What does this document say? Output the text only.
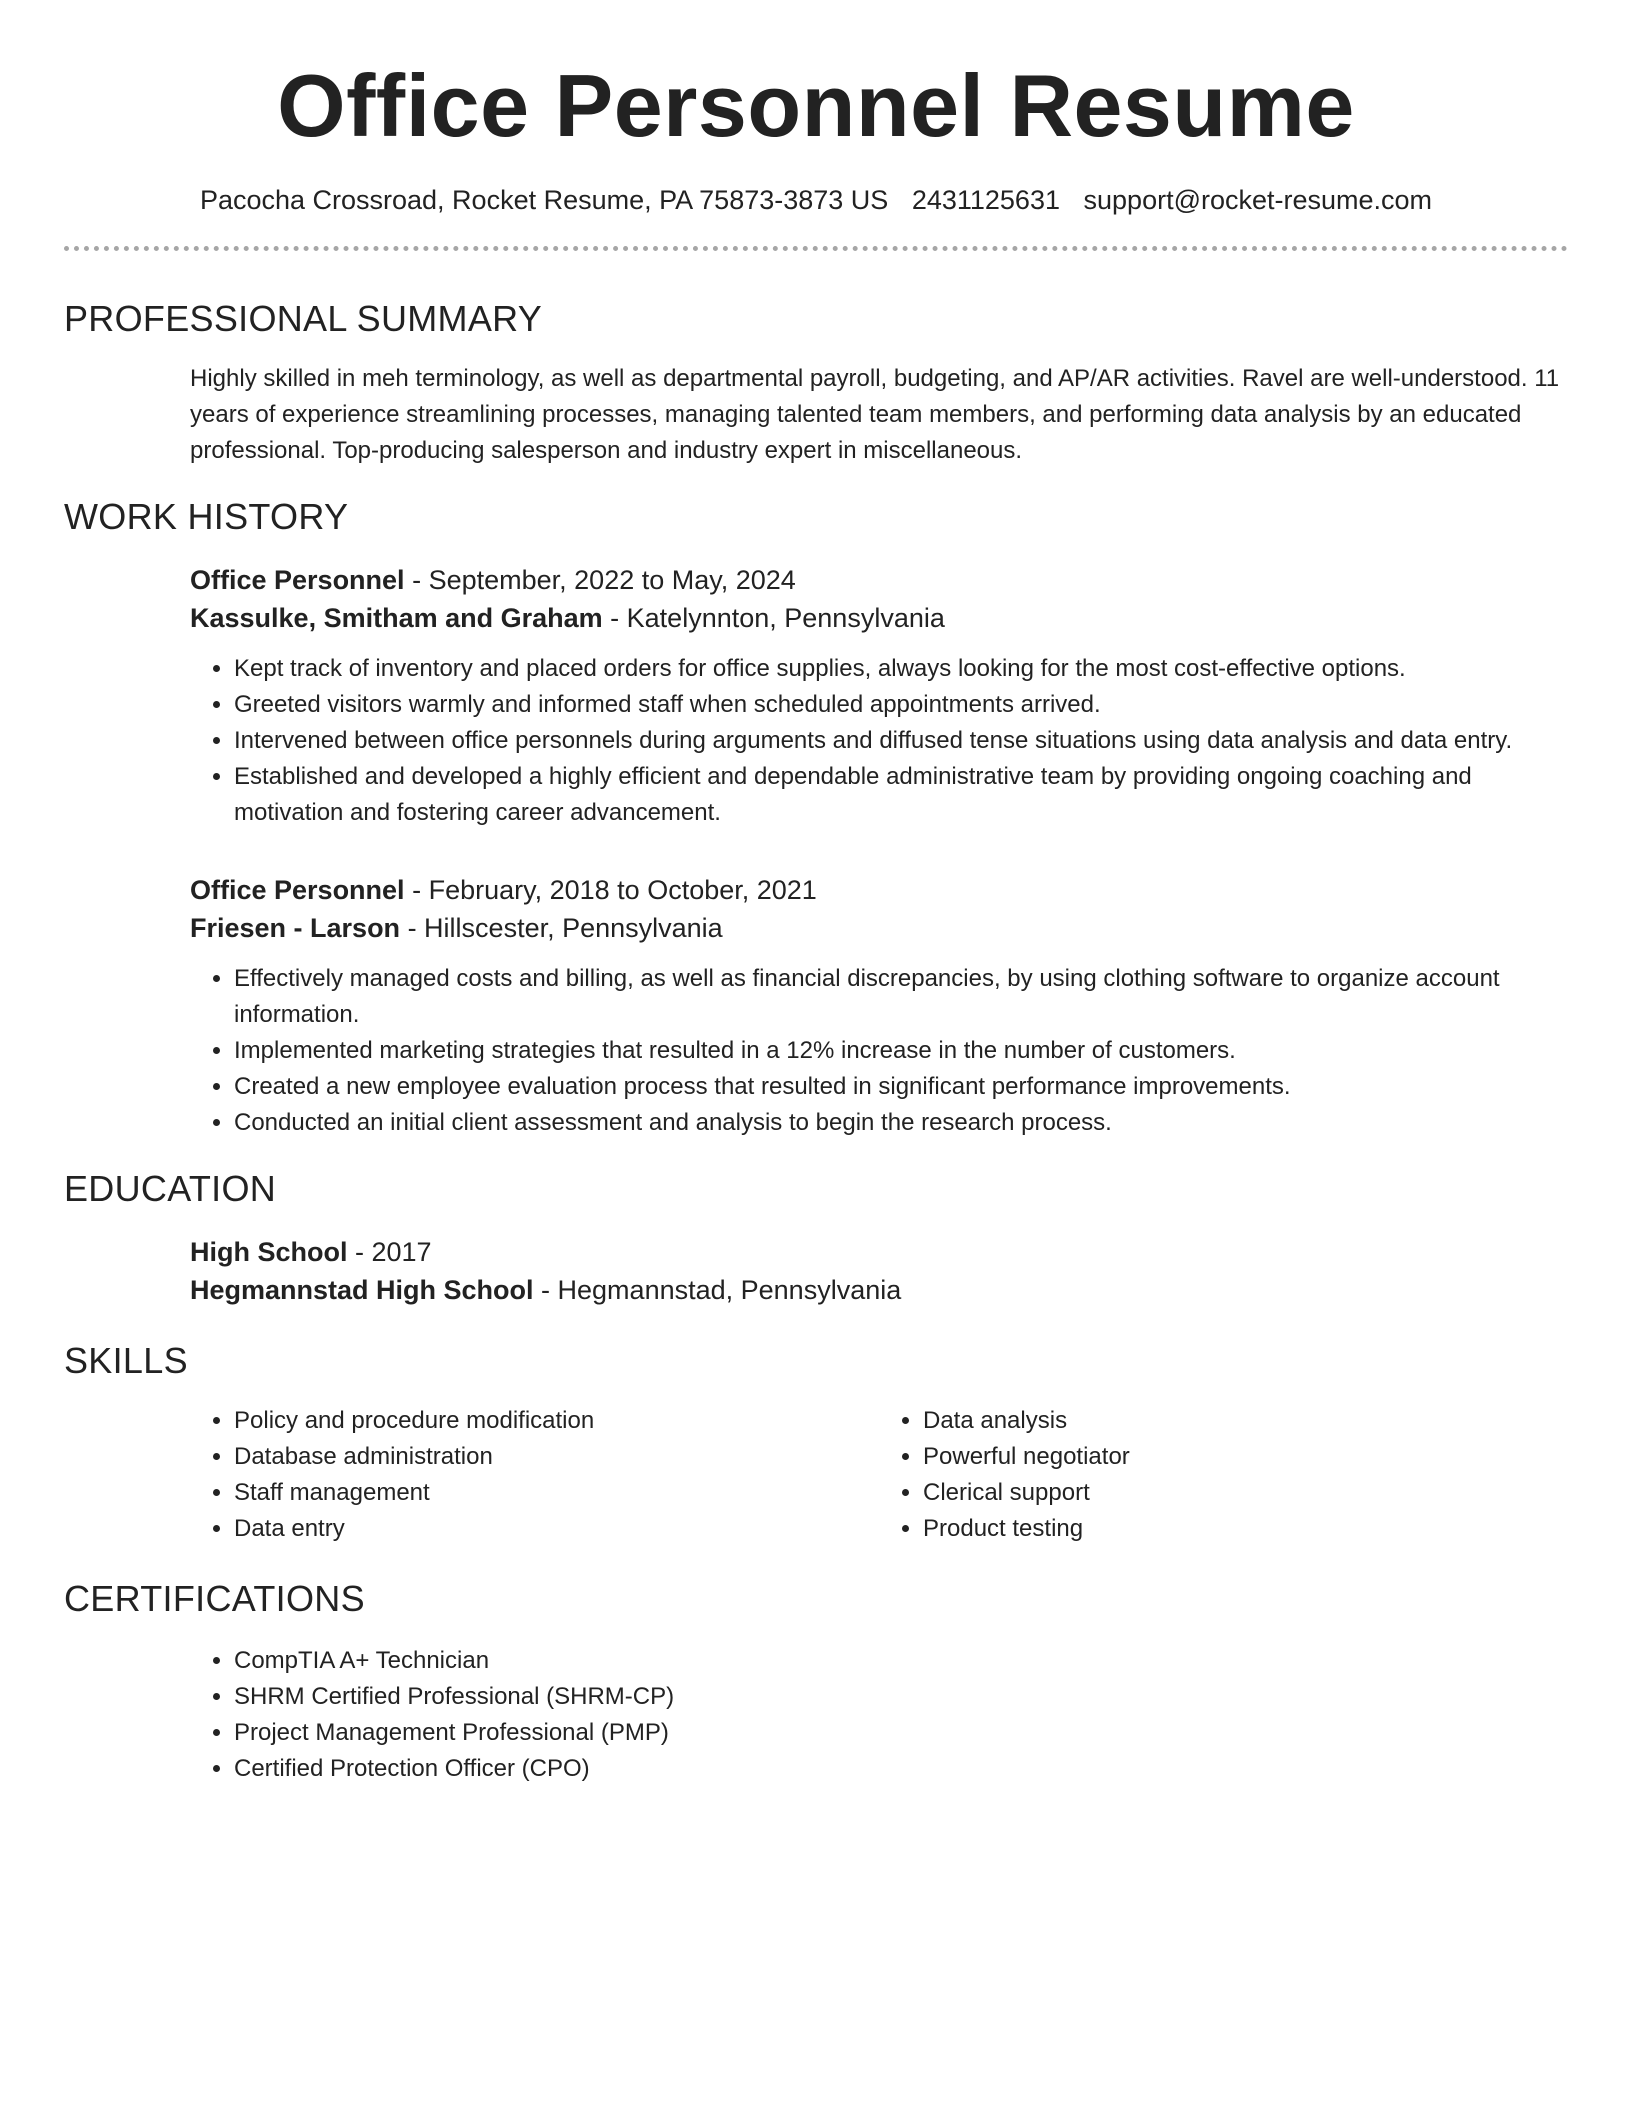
Office Personnel Resume
Pacocha Crossroad, Rocket Resume, PA 75873-3873 US 2431125631 support@rocket-resume.com
PROFESSIONAL SUMMARY
Highly skilled in meh terminology, as well as departmental payroll, budgeting, and AP/AR activities. Ravel are well-understood. 11 years of experience streamlining processes, managing talented team members, and performing data analysis by an educated professional. Top-producing salesperson and industry expert in miscellaneous.
WORK HISTORY
Office Personnel - September, 2022 to May, 2024
Kassulke, Smitham and Graham - Katelynnton, Pennsylvania
• Kept track of inventory and placed orders for office supplies, always looking for the most cost-effective options.
• Greeted visitors warmly and informed staff when scheduled appointments arrived.
• Intervened between office personnels during arguments and diffused tense situations using data analysis and data entry.
• Established and developed a highly efficient and dependable administrative team by providing ongoing coaching and motivation and fostering career advancement.
Office Personnel - February, 2018 to October, 2021
Friesen - Larson - Hillscester, Pennsylvania
• Effectively managed costs and billing, as well as financial discrepancies, by using clothing software to organize account information.
• Implemented marketing strategies that resulted in a 12% increase in the number of customers.
• Created a new employee evaluation process that resulted in significant performance improvements.
• Conducted an initial client assessment and analysis to begin the research process.
EDUCATION
High School - 2017
Hegmannstad High School - Hegmannstad, Pennsylvania
SKILLS
• Policy and procedure modification
• Database administration
• Staff management
• Data entry
• Data analysis
• Powerful negotiator
• Clerical support
• Product testing
CERTIFICATIONS
• CompTIA A+ Technician
• SHRM Certified Professional (SHRM-CP)
• Project Management Professional (PMP)
• Certified Protection Officer (CPO)
